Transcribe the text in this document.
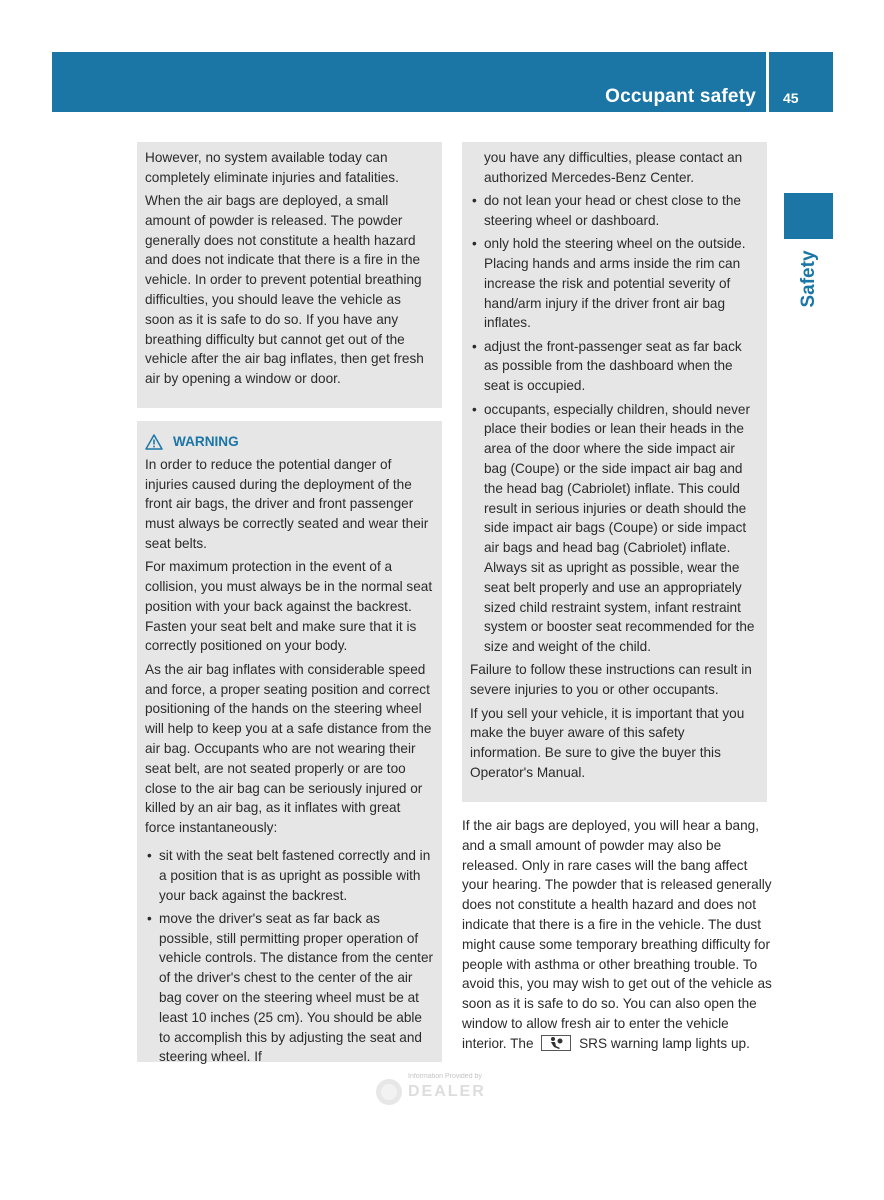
Occupant safety 45
Safety

However, no system available today can completely eliminate injuries and fatalities.

When the air bags are deployed, a small amount of powder is released. The powder generally does not constitute a health hazard and does not indicate that there is a fire in the vehicle. In order to prevent potential breathing difficulties, you should leave the vehicle as soon as it is safe to do so. If you have any breathing difficulty but cannot get out of the vehicle after the air bag inflates, then get fresh air by opening a window or door.

WARNING

In order to reduce the potential danger of injuries caused during the deployment of the front air bags, the driver and front passenger must always be correctly seated and wear their seat belts.

For maximum protection in the event of a collision, you must always be in the normal seat position with your back against the backrest. Fasten your seat belt and make sure that it is correctly positioned on your body.

As the air bag inflates with considerable speed and force, a proper seating position and correct positioning of the hands on the steering wheel will help to keep you at a safe distance from the air bag. Occupants who are not wearing their seat belt, are not seated properly or are too close to the air bag can be seriously injured or killed by an air bag, as it inflates with great force instantaneously:

• sit with the seat belt fastened correctly and in a position that is as upright as possible with your back against the backrest.

• move the driver's seat as far back as possible, still permitting proper operation of vehicle controls. The distance from the center of the driver's chest to the center of the air bag cover on the steering wheel must be at least 10 inches (25 cm). You should be able to accomplish this by adjusting the seat and steering wheel. If

you have any difficulties, please contact an authorized Mercedes-Benz Center.

• do not lean your head or chest close to the steering wheel or dashboard.

• only hold the steering wheel on the outside. Placing hands and arms inside the rim can increase the risk and potential severity of hand/arm injury if the driver front air bag inflates.

• adjust the front-passenger seat as far back as possible from the dashboard when the seat is occupied.

• occupants, especially children, should never place their bodies or lean their heads in the area of the door where the side impact air bag (Coupe) or the side impact air bag and the head bag (Cabriolet) inflate. This could result in serious injuries or death should the side impact air bags (Coupe) or side impact air bags and head bag (Cabriolet) inflate. Always sit as upright as possible, wear the seat belt properly and use an appropriately sized child restraint system, infant restraint system or booster seat recommended for the size and weight of the child.

Failure to follow these instructions can result in severe injuries to you or other occupants.

If you sell your vehicle, it is important that you make the buyer aware of this safety information. Be sure to give the buyer this Operator's Manual.

If the air bags are deployed, you will hear a bang, and a small amount of powder may also be released. Only in rare cases will the bang affect your hearing. The powder that is released generally does not constitute a health hazard and does not indicate that there is a fire in the vehicle. The dust might cause some temporary breathing difficulty for people with asthma or other breathing trouble. To avoid this, you may wish to get out of the vehicle as soon as it is safe to do so. You can also open the window to allow fresh air to enter the vehicle interior. The	SRS warning lamp lights up.

Information Provided by
DEALER
